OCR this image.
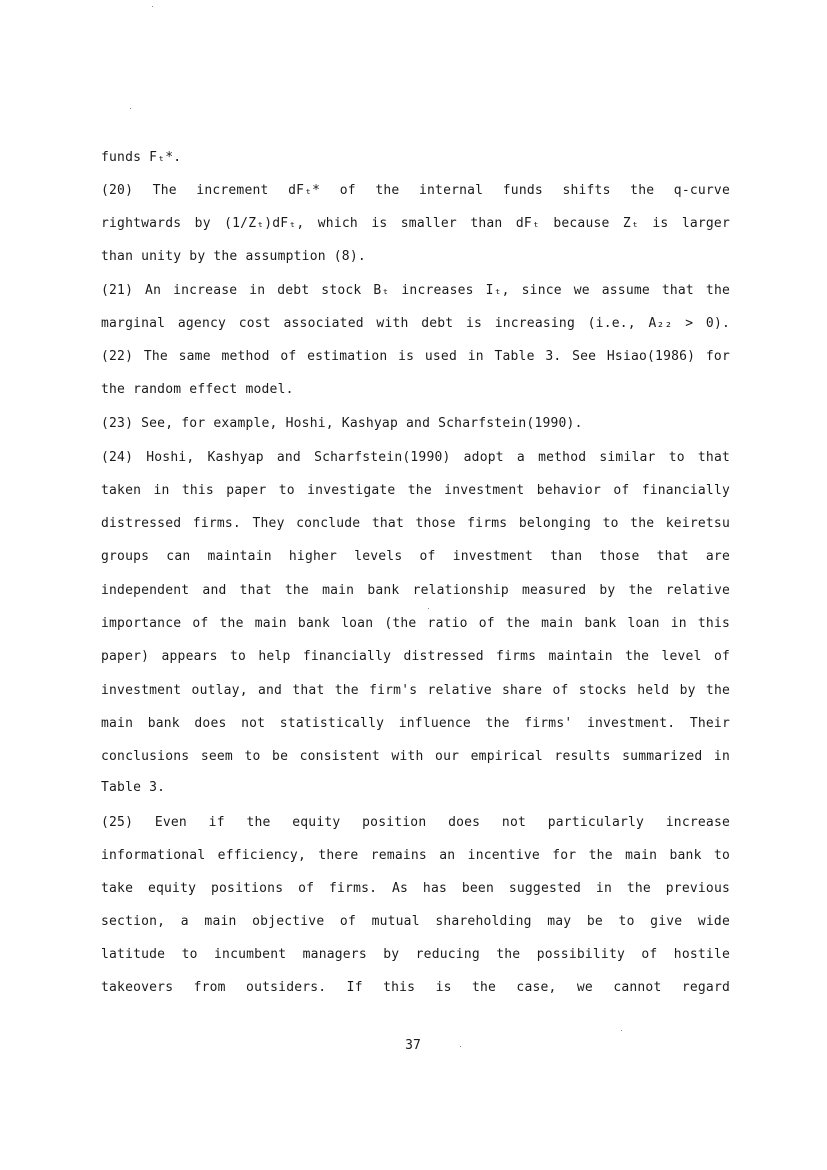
funds Fₜ*.
(20) The increment dFₜ* of the internal funds shifts the q-curve
rightwards by (1/Zₜ)dFₜ, which is smaller than dFₜ because Zₜ is larger
than unity by the assumption (8).
(21) An increase in debt stock Bₜ increases Iₜ, since we assume that the
marginal agency cost associated with debt is increasing (i.e., A₂₂ > 0).
(22) The same method of estimation is used in Table 3. See Hsiao(1986) for
the random effect model.
(23) See, for example, Hoshi, Kashyap and Scharfstein(1990).
(24) Hoshi, Kashyap and Scharfstein(1990) adopt a method similar to that
taken in this paper to investigate the investment behavior of financially
distressed firms. They conclude that those firms belonging to the keiretsu
groups can maintain higher levels of investment than those that are
independent and that the main bank relationship measured by the relative
importance of the main bank loan (the ratio of the main bank loan in this
paper) appears to help financially distressed firms maintain the level of
investment outlay, and that the firm's relative share of stocks held by the
main bank does not statistically influence the firms' investment. Their
conclusions seem to be consistent with our empirical results summarized in
Table 3.
(25) Even if the equity position does not particularly increase
informational efficiency, there remains an incentive for the main bank to
take equity positions of firms. As has been suggested in the previous
section, a main objective of mutual shareholding may be to give wide
latitude to incumbent managers by reducing the possibility of hostile
takeovers from outsiders. If this is the case, we cannot regard
37
